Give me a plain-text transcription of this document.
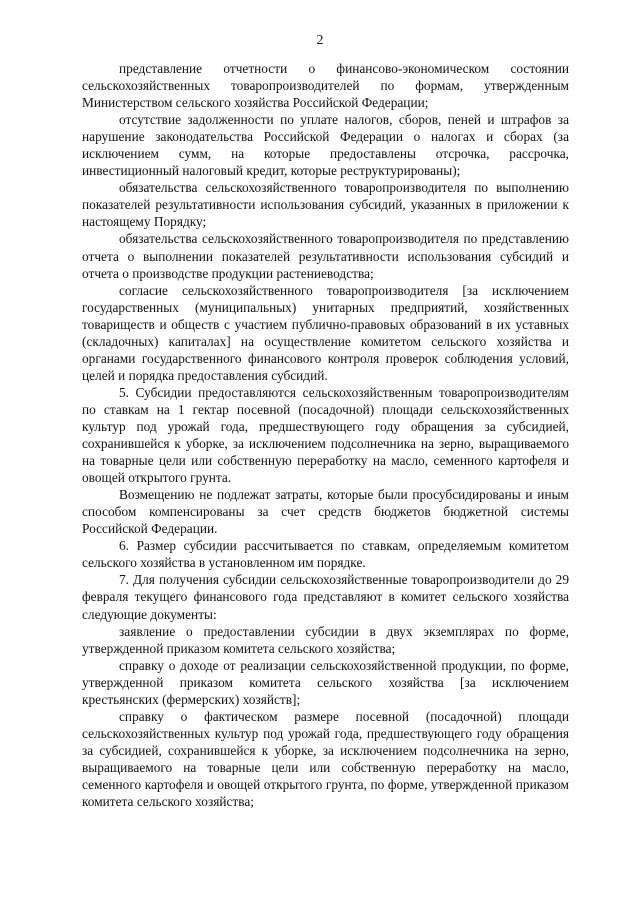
2

представление отчетности о финансово-экономическом состоянии сельскохозяйственных товаропроизводителей по формам, утвержденным Министерством сельского хозяйства Российской Федерации;

отсутствие задолженности по уплате налогов, сборов, пеней и штрафов за нарушение законодательства Российской Федерации о налогах и сборах (за исключением сумм, на которые предоставлены отсрочка, рассрочка, инвестиционный налоговый кредит, которые реструктурированы);

обязательства сельскохозяйственного товаропроизводителя по выполнению показателей результативности использования субсидий, указанных в приложении к настоящему Порядку;

обязательства сельскохозяйственного товаропроизводителя по представлению отчета о выполнении показателей результативности использования субсидий и отчета о производстве продукции растениеводства;

согласие сельскохозяйственного товаропроизводителя [за исключением государственных (муниципальных) унитарных предприятий, хозяйственных товариществ и обществ с участием публично-правовых образований в их уставных (складочных) капиталах] на осуществление комитетом сельского хозяйства и органами государственного финансового контроля проверок соблюдения условий, целей и порядка предоставления субсидий.

5. Субсидии предоставляются сельскохозяйственным товаропроизводителям по ставкам на 1 гектар посевной (посадочной) площади сельскохозяйственных культур под урожай года, предшествующего году обращения за субсидией, сохранившейся к уборке, за исключением подсолнечника на зерно, выращиваемого на товарные цели или собственную переработку на масло, семенного картофеля и овощей открытого грунта.

Возмещению не подлежат затраты, которые были просубсидированы и иным способом компенсированы за счет средств бюджетов бюджетной системы Российской Федерации.

6. Размер субсидии рассчитывается по ставкам, определяемым комитетом сельского хозяйства в установленном им порядке.

7. Для получения субсидии сельскохозяйственные товаропроизводители до 29 февраля текущего финансового года представляют в комитет сельского хозяйства следующие документы:

заявление о предоставлении субсидии в двух экземплярах по форме, утвержденной приказом комитета сельского хозяйства;

справку о доходе от реализации сельскохозяйственной продукции, по форме, утвержденной приказом комитета сельского хозяйства [за исключением крестьянских (фермерских) хозяйств];

справку о фактическом размере посевной (посадочной) площади сельскохозяйственных культур под урожай года, предшествующего году обращения за субсидией, сохранившейся к уборке, за исключением подсолнечника на зерно, выращиваемого на товарные цели или собственную переработку на масло, семенного картофеля и овощей открытого грунта, по форме, утвержденной приказом комитета сельского хозяйства;
